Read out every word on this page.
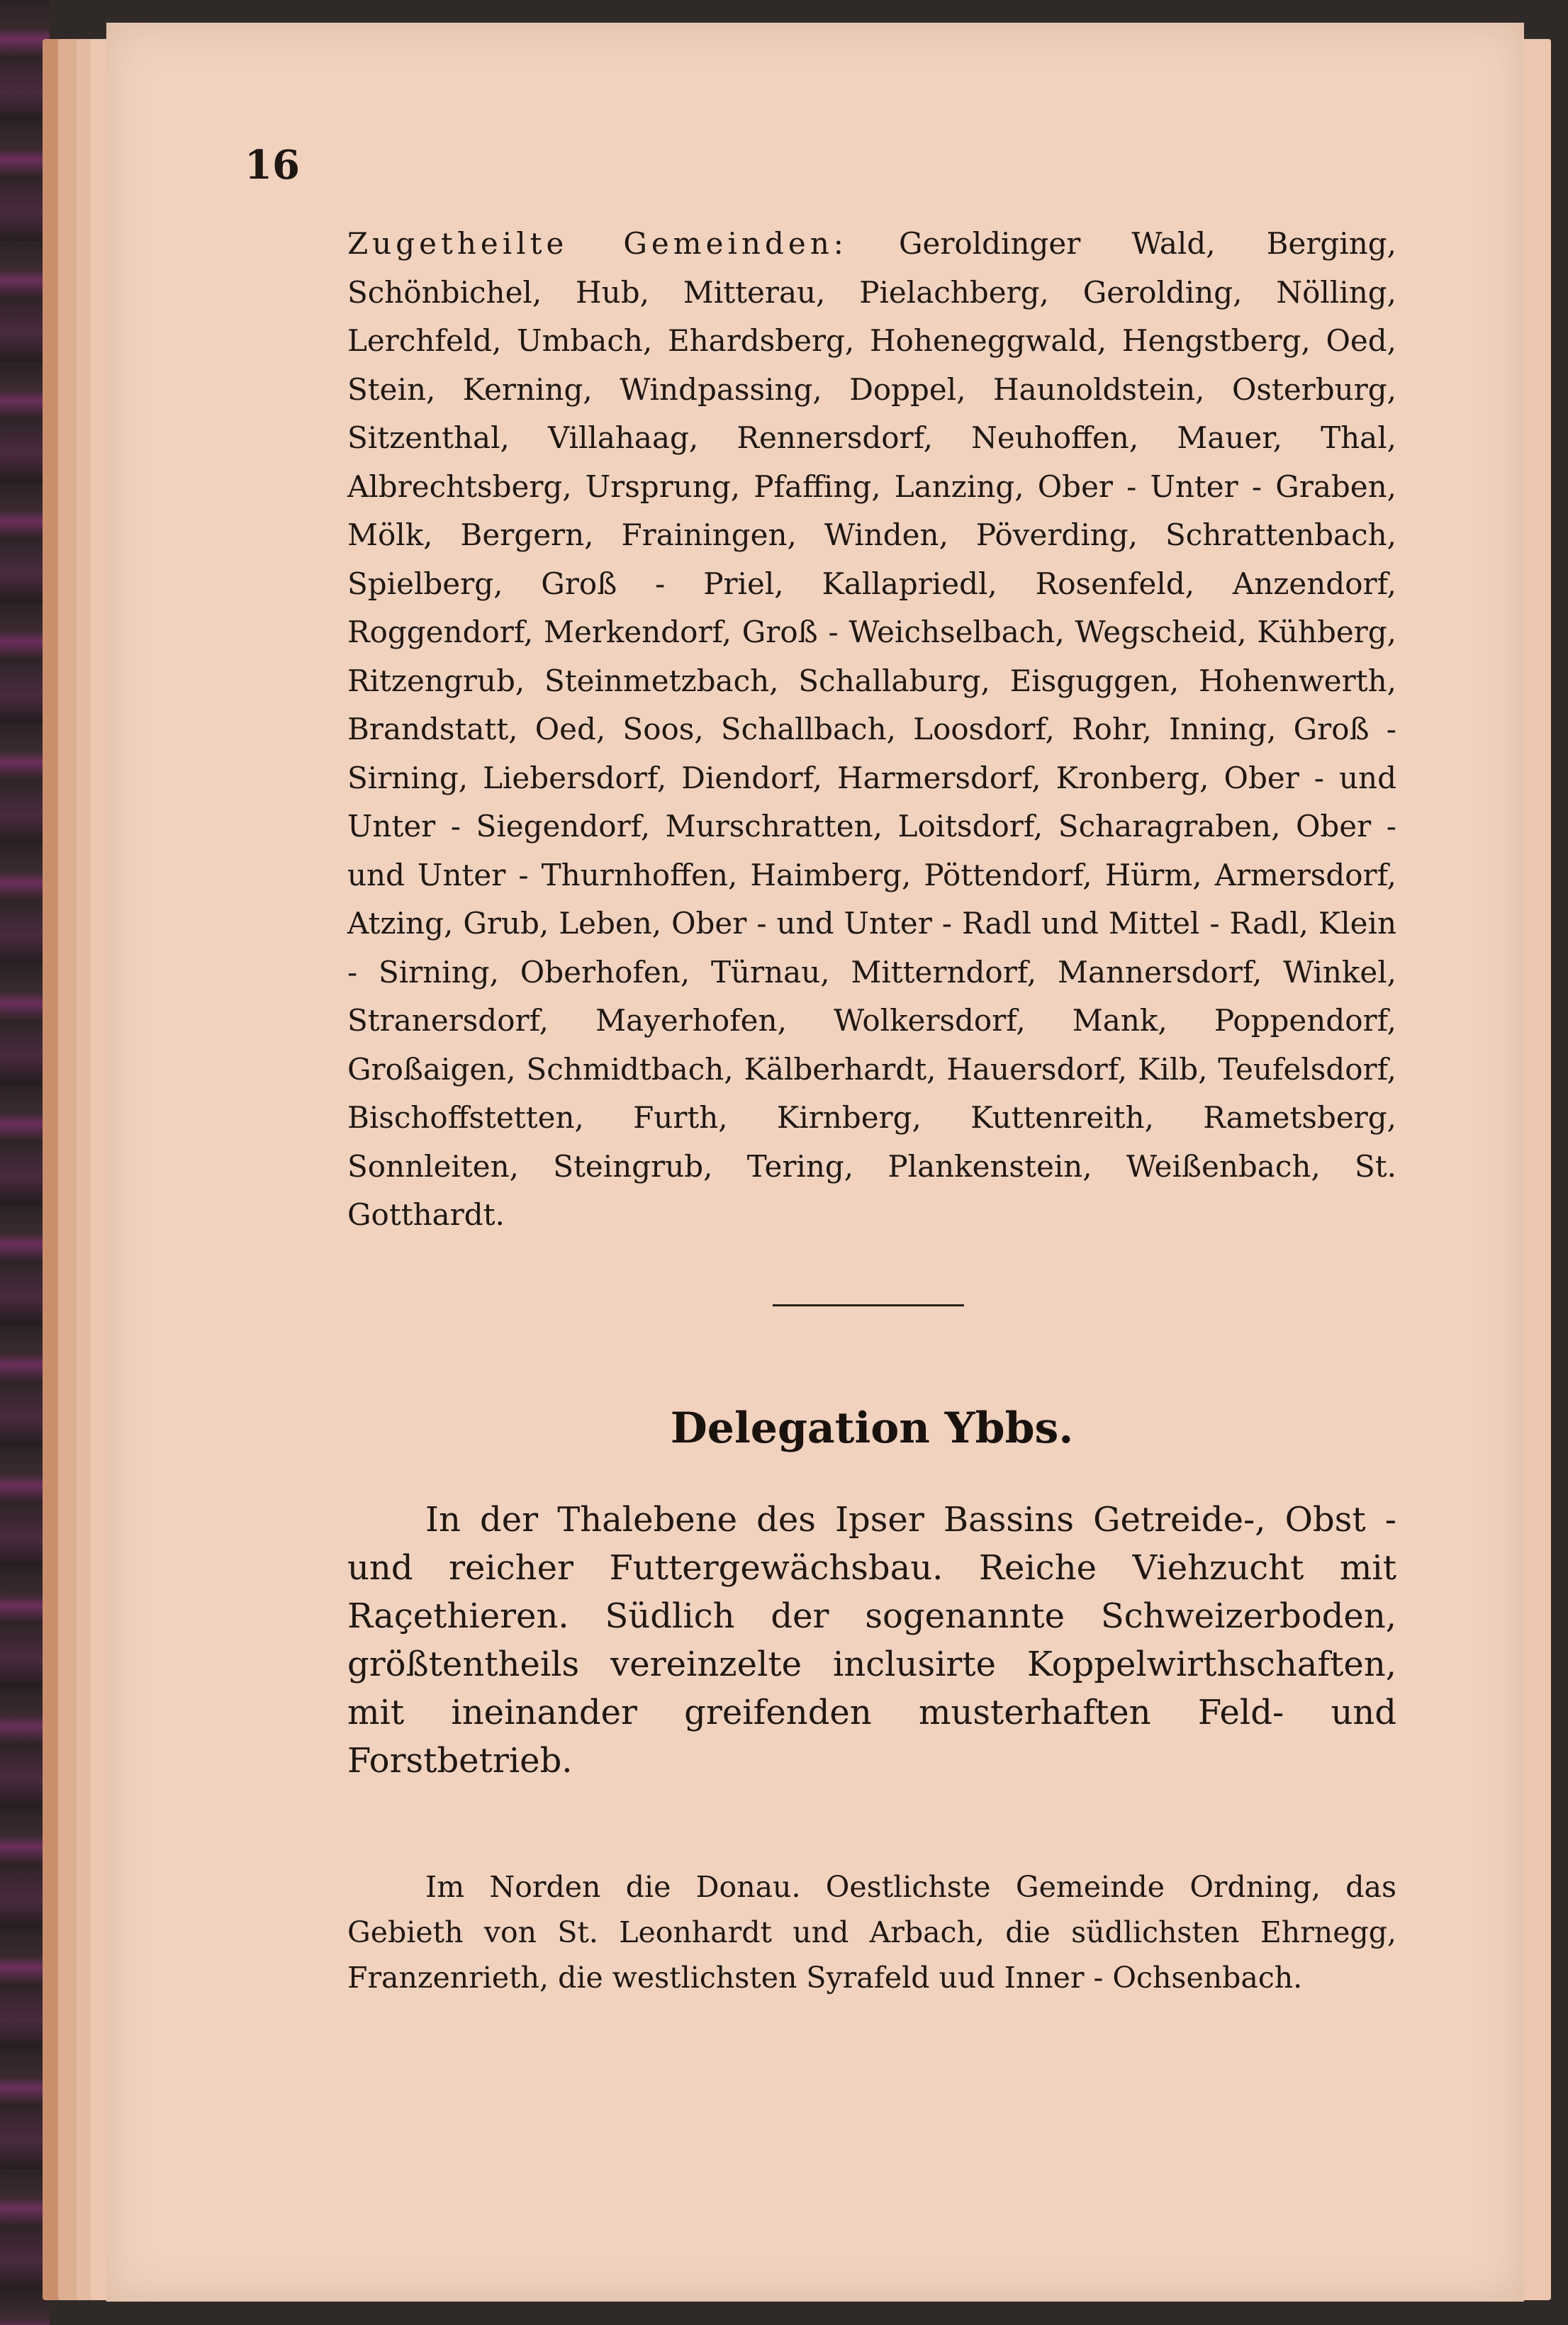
16
Zugetheilte Gemeinden: Geroldinger Wald, Berging, Schönbichel, Hub, Mitterau, Pielachberg, Gerolding, Nölling, Lerchfeld, Umbach, Ehardsberg, Hoheneggwald, Hengstberg, Oed, Stein, Kerning, Windpassing, Doppel, Haunoldstein, Osterburg, Sitzenthal, Villahaag, Rennersdorf, Neuhoffen, Mauer, Thal, Albrechtsberg, Ursprung, Pfaffing, Lanzing, Ober - Unter - Graben, Mölk, Bergern, Frainingen, Winden, Pöverding, Schrattenbach, Spielberg, Groß - Priel, Kallapriedl, Rosenfeld, Anzendorf, Roggendorf, Merkendorf, Groß - Weichselbach, Wegscheid, Kühberg, Ritzengrub, Steinmetzbach, Schallaburg, Eisguggen, Hohenwerth, Brandstatt, Oed, Soos, Schallbach, Loosdorf, Rohr, Inning, Groß - Sirning, Liebersdorf, Diendorf, Harmersdorf, Kronberg, Ober - und Unter - Siegendorf, Murschratten, Loitsdorf, Scharagraben, Ober - und Unter - Thurnhoffen, Haimberg, Pöttendorf, Hürm, Armersdorf, Atzing, Grub, Leben, Ober - und Unter - Radl und Mittel - Radl, Klein - Sirning, Oberhofen, Türnau, Mitterndorf, Mannersdorf, Winkel, Stranersdorf, Mayerhofen, Wolkersdorf, Mank, Poppendorf, Großaigen, Schmidtbach, Kälberhardt, Hauersdorf, Kilb, Teufelsdorf, Bischoffstetten, Furth, Kirnberg, Kuttenreith, Rametsberg, Sonnleiten, Steingrub, Tering, Plankenstein, Weißenbach, St. Gotthardt.
Delegation Ybbs.
In der Thalebene des Ipser Bassins Getreide-, Obst - und reicher Futtergewächsbau. Reiche Viehzucht mit Raçethieren. Südlich der sogenannte Schweizerboden, größtentheils vereinzelte inclusirte Koppelwirthschaften, mit ineinander greifenden musterhaften Feld- und Forstbetrieb.
Im Norden die Donau. Oestlichste Gemeinde Ordning, das Gebieth von St. Leonhardt und Arbach, die südlichsten Ehrnegg, Franzenrieth, die westlichsten Syrafeld uud Inner - Ochsenbach.
